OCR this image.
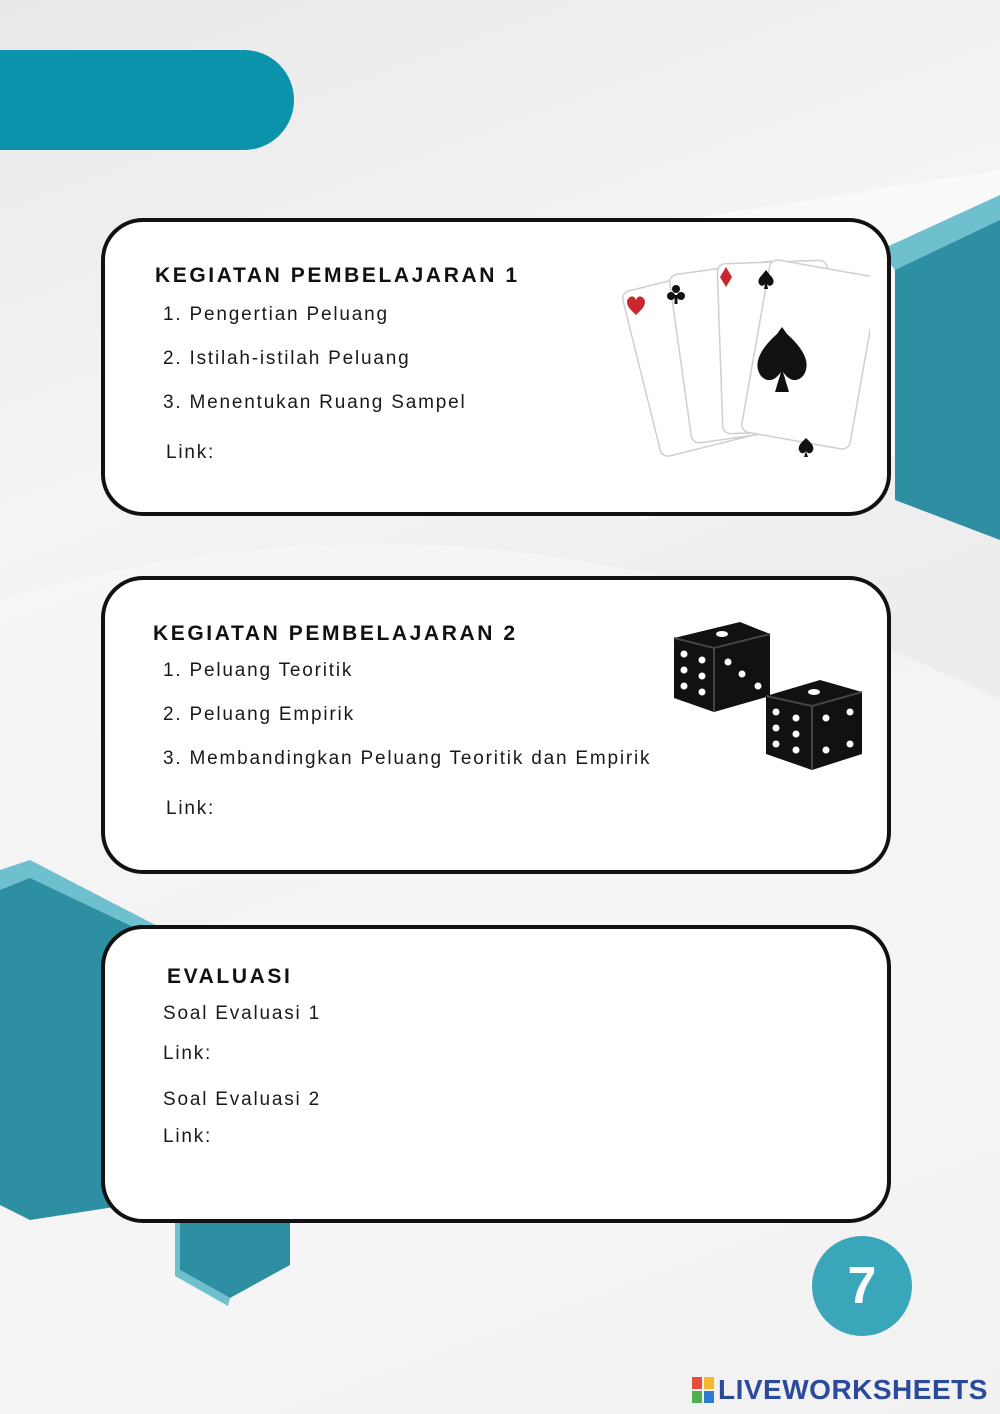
KEGIATAN PEMBELAJARAN 1
1. Pengertian Peluang
2. Istilah-istilah Peluang
3. Menentukan Ruang Sampel
Link:
KEGIATAN PEMBELAJARAN 2
1. Peluang Teoritik
2. Peluang Empirik
3. Membandingkan Peluang Teoritik dan Empirik
Link:
EVALUASI
Soal Evaluasi 1
Link:
Soal Evaluasi 2
Link:
7
LIVEWORKSHEETS
